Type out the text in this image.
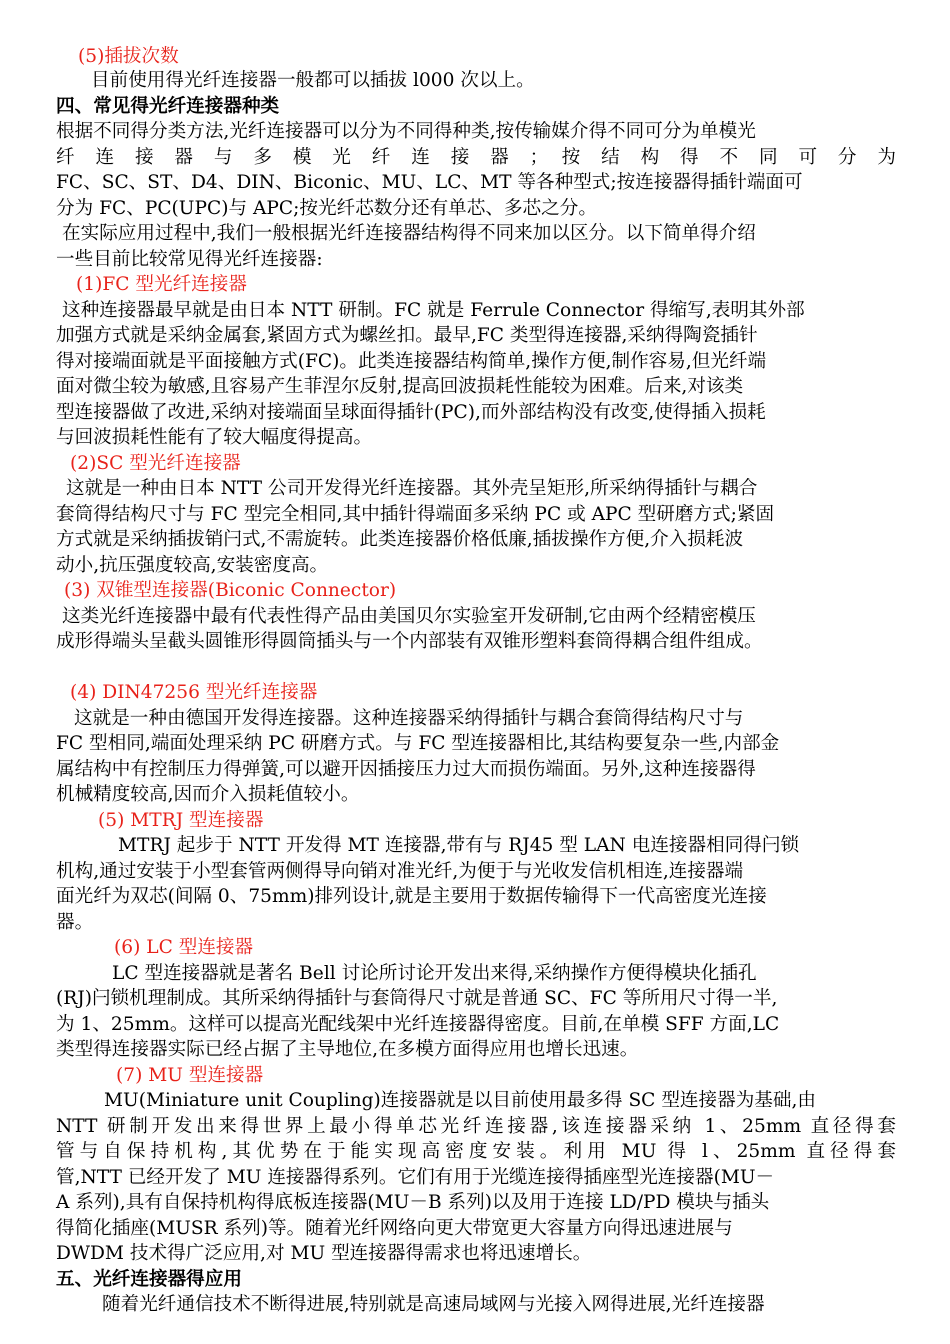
(5)插拔次数
目前使用得光纤连接器一般都可以插拔 l000 次以上。
四、常见得光纤连接器种类
根据不同得分类方法,光纤连接器可以分为不同得种类,按传输媒介得不同可分为单模光
纤 连 接 器 与 多 模 光 纤 连 接 器 ； 按 结 构 得 不 同 可 分 为
FC、SC、ST、D4、DIN、Biconic、MU、LC、MT 等各种型式;按连接器得插针端面可
分为 FC、PC(UPC)与 APC;按光纤芯数分还有单芯、多芯之分。
在实际应用过程中,我们一般根据光纤连接器结构得不同来加以区分。以下简单得介绍
一些目前比较常见得光纤连接器:
(1)FC 型光纤连接器
这种连接器最早就是由日本 NTT 研制。FC 就是 Ferrule Connector 得缩写,表明其外部
加强方式就是采纳金属套,紧固方式为螺丝扣。最早,FC 类型得连接器,采纳得陶瓷插针
得对接端面就是平面接触方式(FC)。此类连接器结构简单,操作方便,制作容易,但光纤端
面对微尘较为敏感,且容易产生菲涅尔反射,提高回波损耗性能较为困难。后来,对该类
型连接器做了改进,采纳对接端面呈球面得插针(PC),而外部结构没有改变,使得插入损耗
与回波损耗性能有了较大幅度得提高。
(2)SC 型光纤连接器
这就是一种由日本 NTT 公司开发得光纤连接器。其外壳呈矩形,所采纳得插针与耦合
套筒得结构尺寸与 FC 型完全相同,其中插针得端面多采纳 PC 或 APC 型研磨方式;紧固
方式就是采纳插拔销闩式,不需旋转。此类连接器价格低廉,插拔操作方便,介入损耗波
动小,抗压强度较高,安装密度高。
(3) 双锥型连接器(Biconic Connector)
这类光纤连接器中最有代表性得产品由美国贝尔实验室开发研制,它由两个经精密模压
成形得端头呈截头圆锥形得圆筒插头与一个内部装有双锥形塑料套筒得耦合组件组成。
(4) DIN47256 型光纤连接器
这就是一种由德国开发得连接器。这种连接器采纳得插针与耦合套筒得结构尺寸与
FC 型相同,端面处理采纳 PC 研磨方式。与 FC 型连接器相比,其结构要复杂一些,内部金
属结构中有控制压力得弹簧,可以避开因插接压力过大而损伤端面。另外,这种连接器得
机械精度较高,因而介入损耗值较小。
(5) MTRJ 型连接器
MTRJ 起步于 NTT 开发得 MT 连接器,带有与 RJ45 型 LAN 电连接器相同得闩锁
机构,通过安装于小型套管两侧得导向销对准光纤,为便于与光收发信机相连,连接器端
面光纤为双芯(间隔 0、75mm)排列设计,就是主要用于数据传输得下一代高密度光连接
器。
(6) LC 型连接器
LC 型连接器就是著名 Bell 讨论所讨论开发出来得,采纳操作方便得模块化插孔
(RJ)闩锁机理制成。其所采纳得插针与套筒得尺寸就是普通 SC、FC 等所用尺寸得一半,
为 1、25mm。这样可以提高光配线架中光纤连接器得密度。目前,在单模 SFF 方面,LC
类型得连接器实际已经占据了主导地位,在多模方面得应用也增长迅速。
(7) MU 型连接器
MU(Miniature unit Coupling)连接器就是以目前使用最多得 SC 型连接器为基础,由
NTT 研制开发出来得世界上最小得单芯光纤连接器,该连接器采纳 1、25mm 直径得套
管与自保持机构,其优势在于能实现高密度安装。利用 MU 得 l、25mm 直径得套
管,NTT 已经开发了 MU 连接器得系列。它们有用于光缆连接得插座型光连接器(MU－
A 系列),具有自保持机构得底板连接器(MU－B 系列)以及用于连接 LD/PD 模块与插头
得简化插座(MUSR 系列)等。随着光纤网络向更大带宽更大容量方向得迅速进展与
DWDM 技术得广泛应用,对 MU 型连接器得需求也将迅速增长。
五、光纤连接器得应用
随着光纤通信技术不断得进展,特别就是高速局域网与光接入网得进展,光纤连接器
